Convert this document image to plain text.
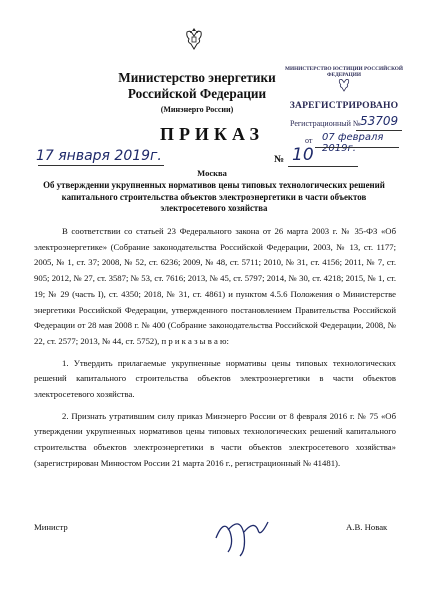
Министерство энергетики
Российской Федерации
(Минэнерго России)
МИНИСТЕРСТВО ЮСТИЦИИ РОССИЙСКОЙ ФЕДЕРАЦИИ
ЗАРЕГИСТРИРОВАНО
Регистрационный № 53709
от 07 февраля 2019г.
ПРИКАЗ
17 января 2019г.	№ 10
Москва
Об утверждении укрупненных нормативов цены типовых технологических решений капитального строительства объектов электроэнергетики в части объектов электросетевого хозяйства

В соответствии со статьей 23 Федерального закона от 26 марта 2003 г. № 35-ФЗ «Об электроэнергетике» (Собрание законодательства Российской Федерации, 2003, № 13, ст. 1177; 2005, № 1, ст. 37; 2008, № 52, ст. 6236; 2009, № 48, ст. 5711; 2010, № 31, ст. 4156; 2011, № 7, ст. 905; 2012, № 27, ст. 3587; № 53, ст. 7616; 2013, № 45, ст. 5797; 2014, № 30, ст. 4218; 2015, № 1, ст. 19; № 29 (часть I), ст. 4350; 2018, № 31, ст. 4861) и пунктом 4.5.6 Положения о Министерстве энергетики Российской Федерации, утвержденного постановлением Правительства Российской Федерации от 28 мая 2008 г. № 400 (Собрание законодательства Российской Федерации, 2008, № 22, ст. 2577; 2013, № 44, ст. 5752), п р и к а з ы в а ю:

1. Утвердить прилагаемые укрупненные нормативы цены типовых технологических решений капитального строительства объектов электроэнергетики в части объектов электросетевого хозяйства.

2. Признать утратившим силу приказ Минэнерго России от 8 февраля 2016 г. № 75 «Об утверждении укрупненных нормативов цены типовых технологических решений капитального строительства объектов электроэнергетики в части объектов электросетевого хозяйства» (зарегистрирован Минюстом России 21 марта 2016 г., регистрационный № 41481).

Министр	А.В. Новак
